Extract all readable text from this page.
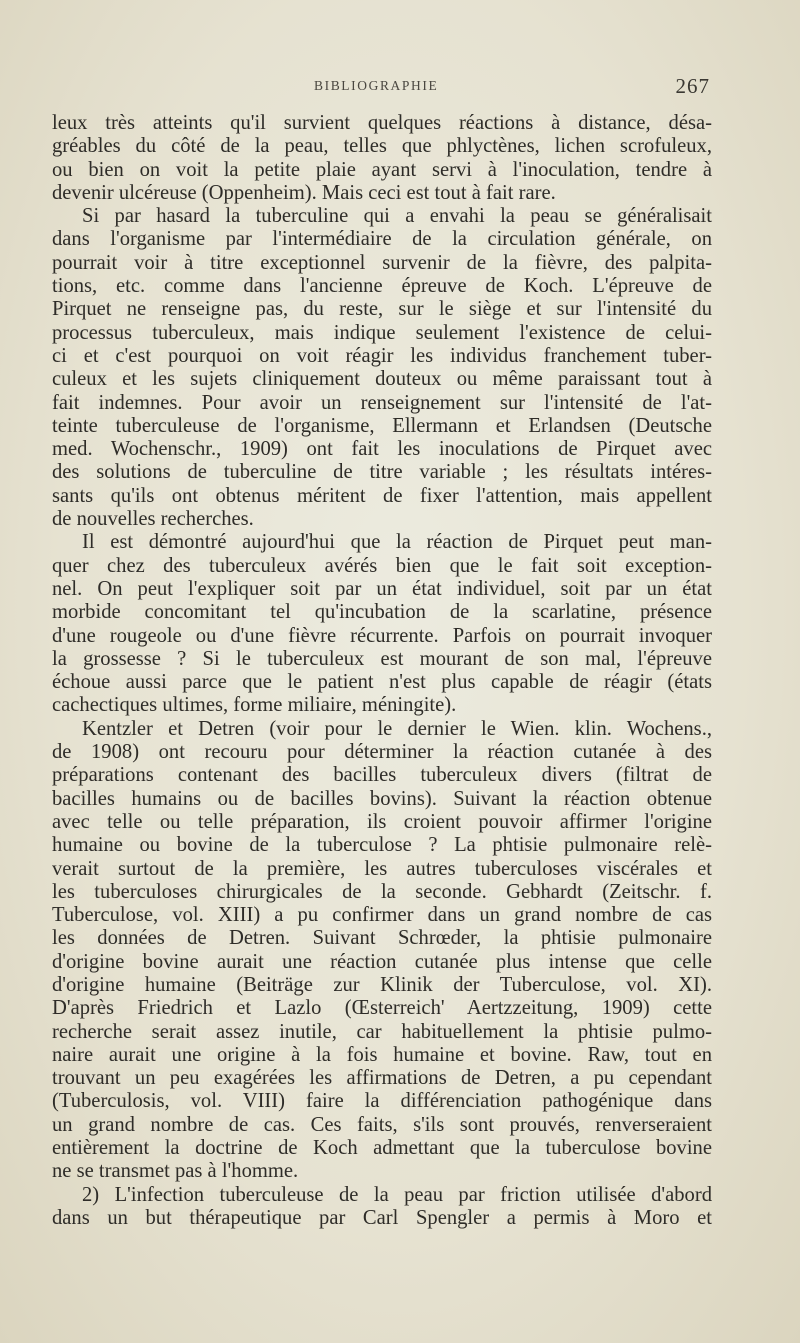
BIBLIOGRAPHIE	267
leux très atteints qu'il survient quelques réactions à distance, désa-
gréables du côté de la peau, telles que phlyctènes, lichen scrofuleux,
ou bien on voit la petite plaie ayant servi à l'inoculation, tendre à
devenir ulcéreuse (Oppenheim). Mais ceci est tout à fait rare.
Si par hasard la tuberculine qui a envahi la peau se généralisait
dans l'organisme par l'intermédiaire de la circulation générale, on
pourrait voir à titre exceptionnel survenir de la fièvre, des palpita-
tions, etc. comme dans l'ancienne épreuve de Koch. L'épreuve de
Pirquet ne renseigne pas, du reste, sur le siège et sur l'intensité du
processus tuberculeux, mais indique seulement l'existence de celui-
ci et c'est pourquoi on voit réagir les individus franchement tuber-
culeux et les sujets cliniquement douteux ou même paraissant tout à
fait indemnes. Pour avoir un renseignement sur l'intensité de l'at-
teinte tuberculeuse de l'organisme, Ellermann et Erlandsen (Deutsche
med. Wochenschr., 1909) ont fait les inoculations de Pirquet avec
des solutions de tuberculine de titre variable ; les résultats intéres-
sants qu'ils ont obtenus méritent de fixer l'attention, mais appellent
de nouvelles recherches.
Il est démontré aujourd'hui que la réaction de Pirquet peut man-
quer chez des tuberculeux avérés bien que le fait soit exception-
nel. On peut l'expliquer soit par un état individuel, soit par un état
morbide concomitant tel qu'incubation de la scarlatine, présence
d'une rougeole ou d'une fièvre récurrente. Parfois on pourrait invoquer
la grossesse ? Si le tuberculeux est mourant de son mal, l'épreuve
échoue aussi parce que le patient n'est plus capable de réagir (états
cachectiques ultimes, forme miliaire, méningite).
Kentzler et Detren (voir pour le dernier le Wien. klin. Wochens.,
de 1908) ont recouru pour déterminer la réaction cutanée à des
préparations contenant des bacilles tuberculeux divers (filtrat de
bacilles humains ou de bacilles bovins). Suivant la réaction obtenue
avec telle ou telle préparation, ils croient pouvoir affirmer l'origine
humaine ou bovine de la tuberculose ? La phtisie pulmonaire relè-
verait surtout de la première, les autres tuberculoses viscérales et
les tuberculoses chirurgicales de la seconde. Gebhardt (Zeitschr. f.
Tuberculose, vol. XIII) a pu confirmer dans un grand nombre de cas
les données de Detren. Suivant Schrœder, la phtisie pulmonaire
d'origine bovine aurait une réaction cutanée plus intense que celle
d'origine humaine (Beiträge zur Klinik der Tuberculose, vol. XI).
D'après Friedrich et Lazlo (Œsterreich' Aertzzeitung, 1909) cette
recherche serait assez inutile, car habituellement la phtisie pulmo-
naire aurait une origine à la fois humaine et bovine. Raw, tout en
trouvant un peu exagérées les affirmations de Detren, a pu cependant
(Tuberculosis, vol. VIII) faire la différenciation pathogénique dans
un grand nombre de cas. Ces faits, s'ils sont prouvés, renverseraient
entièrement la doctrine de Koch admettant que la tuberculose bovine
ne se transmet pas à l'homme.
2) L'infection tuberculeuse de la peau par friction utilisée d'abord
dans un but thérapeutique par Carl Spengler a permis à Moro et
